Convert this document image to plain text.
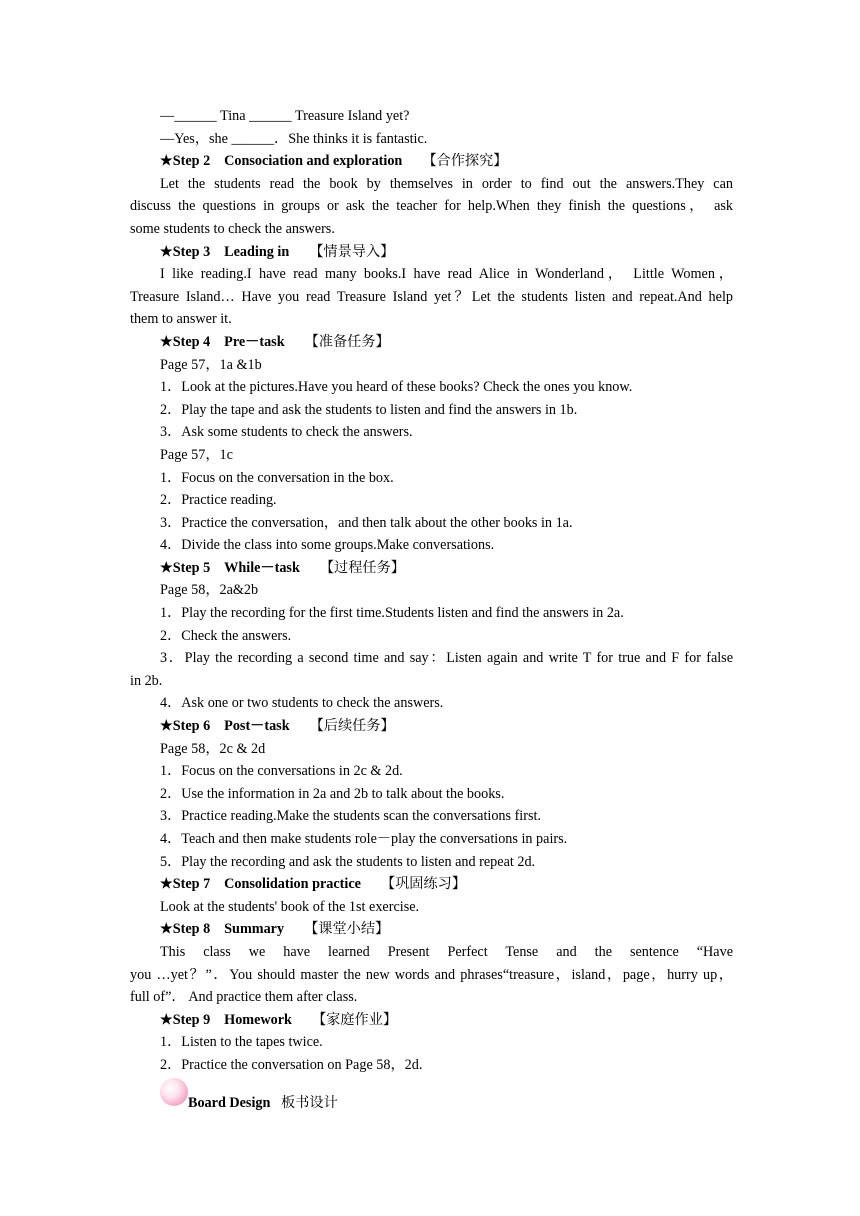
—______ Tina ______ Treasure Island yet?
—Yes，she ______．She thinks it is fantastic.
★Step 2 Consociation and exploration 【合作探究】
Let the students read the book by themselves in order to find out the answers.They can
discuss the questions in groups or ask the teacher for help.When they finish the questions， ask
some students to check the answers.
★Step 3 Leading in 【情景导入】
I like reading.I have read many books.I have read Alice in Wonderland， Little Women，
Treasure Island… Have you read Treasure Island yet？Let the students listen and repeat.And help
them to answer it.
★Step 4 Pre－task 【准备任务】
Page 57，1a &1b
1．Look at the pictures.Have you heard of these books? Check the ones you know.
2．Play the tape and ask the students to listen and find the answers in 1b.
3．Ask some students to check the answers.
Page 57，1c
1．Focus on the conversation in the box.
2．Practice reading.
3．Practice the conversation，and then talk about the other books in 1a.
4．Divide the class into some groups.Make conversations.
★Step 5 While－task 【过程任务】
Page 58，2a&2b
1．Play the recording for the first time.Students listen and find the answers in 2a.
2．Check the answers.
3．Play the recording a second time and say：Listen again and write T for true and F for false
in 2b.
4．Ask one or two students to check the answers.
★Step 6 Post－task 【后续任务】
Page 58，2c & 2d
1．Focus on the conversations in 2c & 2d.
2．Use the information in 2a and 2b to talk about the books.
3．Practice reading.Make the students scan the conversations first.
4．Teach and then make students role－play the conversations in pairs.
5．Play the recording and ask the students to listen and repeat 2d.
★Step 7 Consolidation practice 【巩固练习】
Look at the students' book of the 1st exercise.
★Step 8 Summary 【课堂小结】
This class we have learned Present Perfect Tense and the sentence “Have
you …yet？”．You should master the new words and phrases“treasure，island，page，hurry up，
full of”． And practice them after class.
★Step 9 Homework 【家庭作业】
1．Listen to the tapes twice.
2．Practice the conversation on Page 58，2d.
Board Design 板书设计
